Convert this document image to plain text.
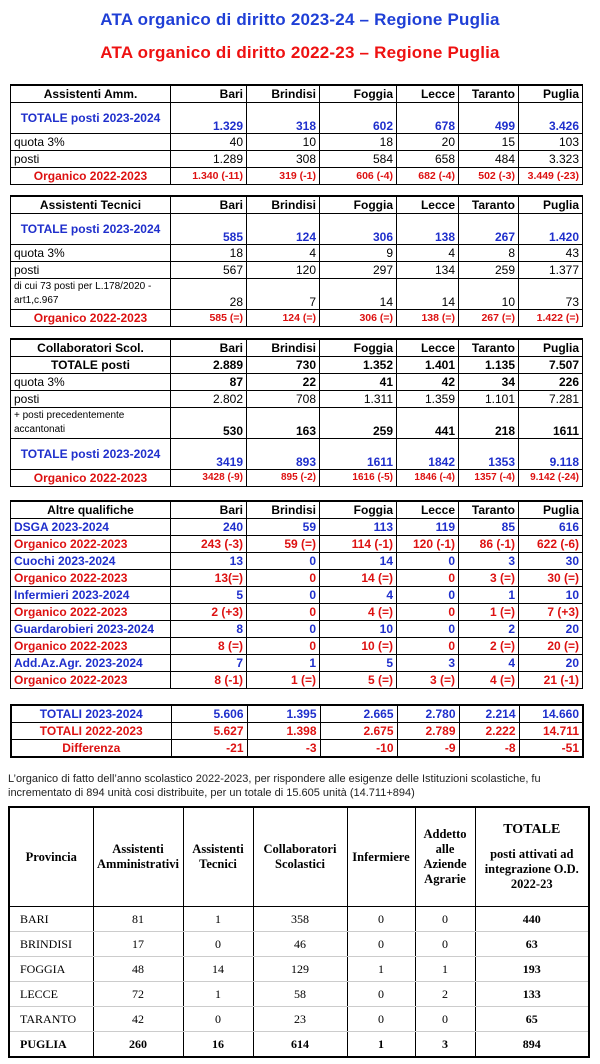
ATA organico di diritto 2023-24 – Regione Puglia
ATA organico di diritto 2022-23 – Regione Puglia
Assistenti Amm.	Bari	Brindisi	Foggia	Lecce	Taranto	Puglia
TOTALE posti 2023-2024	1.329	318	602	678	499	3.426
quota 3%	40	10	18	20	15	103
posti	1.289	308	584	658	484	3.323
Organico 2022-2023	1.340 (-11)	319 (-1)	606 (-4)	682 (-4)	502 (-3)	3.449 (-23)
Assistenti Tecnici	Bari	Brindisi	Foggia	Lecce	Taranto	Puglia
TOTALE posti 2023-2024	585	124	306	138	267	1.420
quota 3%	18	4	9	4	8	43
posti	567	120	297	134	259	1.377
di cui 73 posti per L.178/2020 - art1,c.967	28	7	14	14	10	73
Organico 2022-2023	585 (=)	124 (=)	306 (=)	138 (=)	267 (=)	1.422 (=)
Collaboratori Scol.	Bari	Brindisi	Foggia	Lecce	Taranto	Puglia
TOTALE posti	2.889	730	1.352	1.401	1.135	7.507
quota 3%	87	22	41	42	34	226
posti	2.802	708	1.311	1.359	1.101	7.281
+ posti precedentemente accantonati	530	163	259	441	218	1611
TOTALE posti 2023-2024	3419	893	1611	1842	1353	9.118
Organico 2022-2023	3428 (-9)	895 (-2)	1616 (-5)	1846 (-4)	1357 (-4)	9.142 (-24)
Altre qualifiche	Bari	Brindisi	Foggia	Lecce	Taranto	Puglia
DSGA 2023-2024	240	59	113	119	85	616
Organico 2022-2023	243 (-3)	59 (=)	114 (-1)	120 (-1)	86 (-1)	622 (-6)
Cuochi 2023-2024	13	0	14	0	3	30
Organico 2022-2023	13(=)	0	14 (=)	0	3 (=)	30 (=)
Infermieri 2023-2024	5	0	4	0	1	10
Organico 2022-2023	2 (+3)	0	4 (=)	0	1 (=)	7 (+3)
Guardarobieri 2023-2024	8	0	10	0	2	20
Organico 2022-2023	8 (=)	0	10 (=)	0	2 (=)	20 (=)
Add.Az.Agr. 2023-2024	7	1	5	3	4	20
Organico 2022-2023	8 (-1)	1 (=)	5 (=)	3 (=)	4 (=)	21 (-1)
TOTALI 2023-2024	5.606	1.395	2.665	2.780	2.214	14.660
TOTALI 2022-2023	5.627	1.398	2.675	2.789	2.222	14.711
Differenza	-21	-3	-10	-9	-8	-51
L’organico di fatto dell’anno scolastico 2022-2023, per rispondere alle esigenze delle Istituzioni scolastiche, fu incrementato di 894 unità cosi distribuite, per un totale di 15.605 unità (14.711+894)
Provincia	Assistenti Amministrativi	Assistenti Tecnici	Collaboratori Scolastici	Infermiere	Addetto alle Aziende Agrarie	TOTALE
posti attivati ad integrazione O.D. 2022-23

BARI	81	1	358	0	0	440
BRINDISI	17	0	46	0	0	63
FOGGIA	48	14	129	1	1	193
LECCE	72	1	58	0	2	133
TARANTO	42	0	23	0	0	65
PUGLIA	260	16	614	1	3	894
